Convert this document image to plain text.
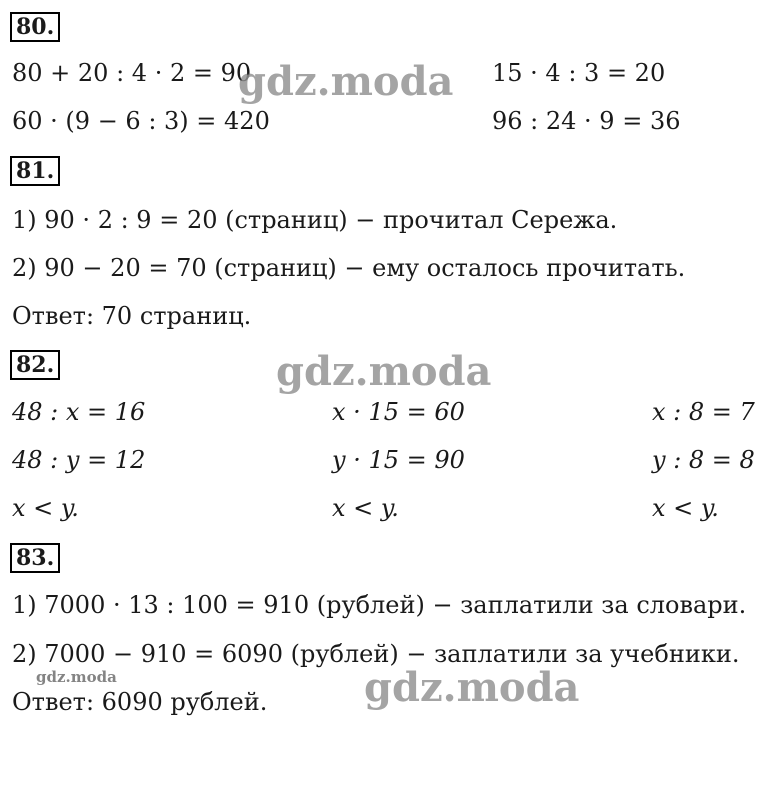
80.
80 + 20 : 4 · 2 = 90	15 · 4 : 3 = 20
60 · (9 − 6 : 3) = 420	96 : 24 · 9 = 36
gdz.moda
81.
1) 90 · 2 : 9 = 20 (страниц) − прочитал Сережа.
2) 90 − 20 = 70 (страниц) − ему осталось прочитать.
Ответ: 70 страниц.
82.	gdz.moda
48 : x = 16	x · 15 = 60	x : 8 = 7
48 : y = 12	y · 15 = 90	y : 8 = 8
x < y.	x < y.	x < y.
83.
1) 7000 · 13 : 100 = 910 (рублей) − заплатили за словари.
2) 7000 − 910 = 6090 (рублей) − заплатили за учебники.
gdz.moda
Ответ: 6090 рублей. gdz.moda
